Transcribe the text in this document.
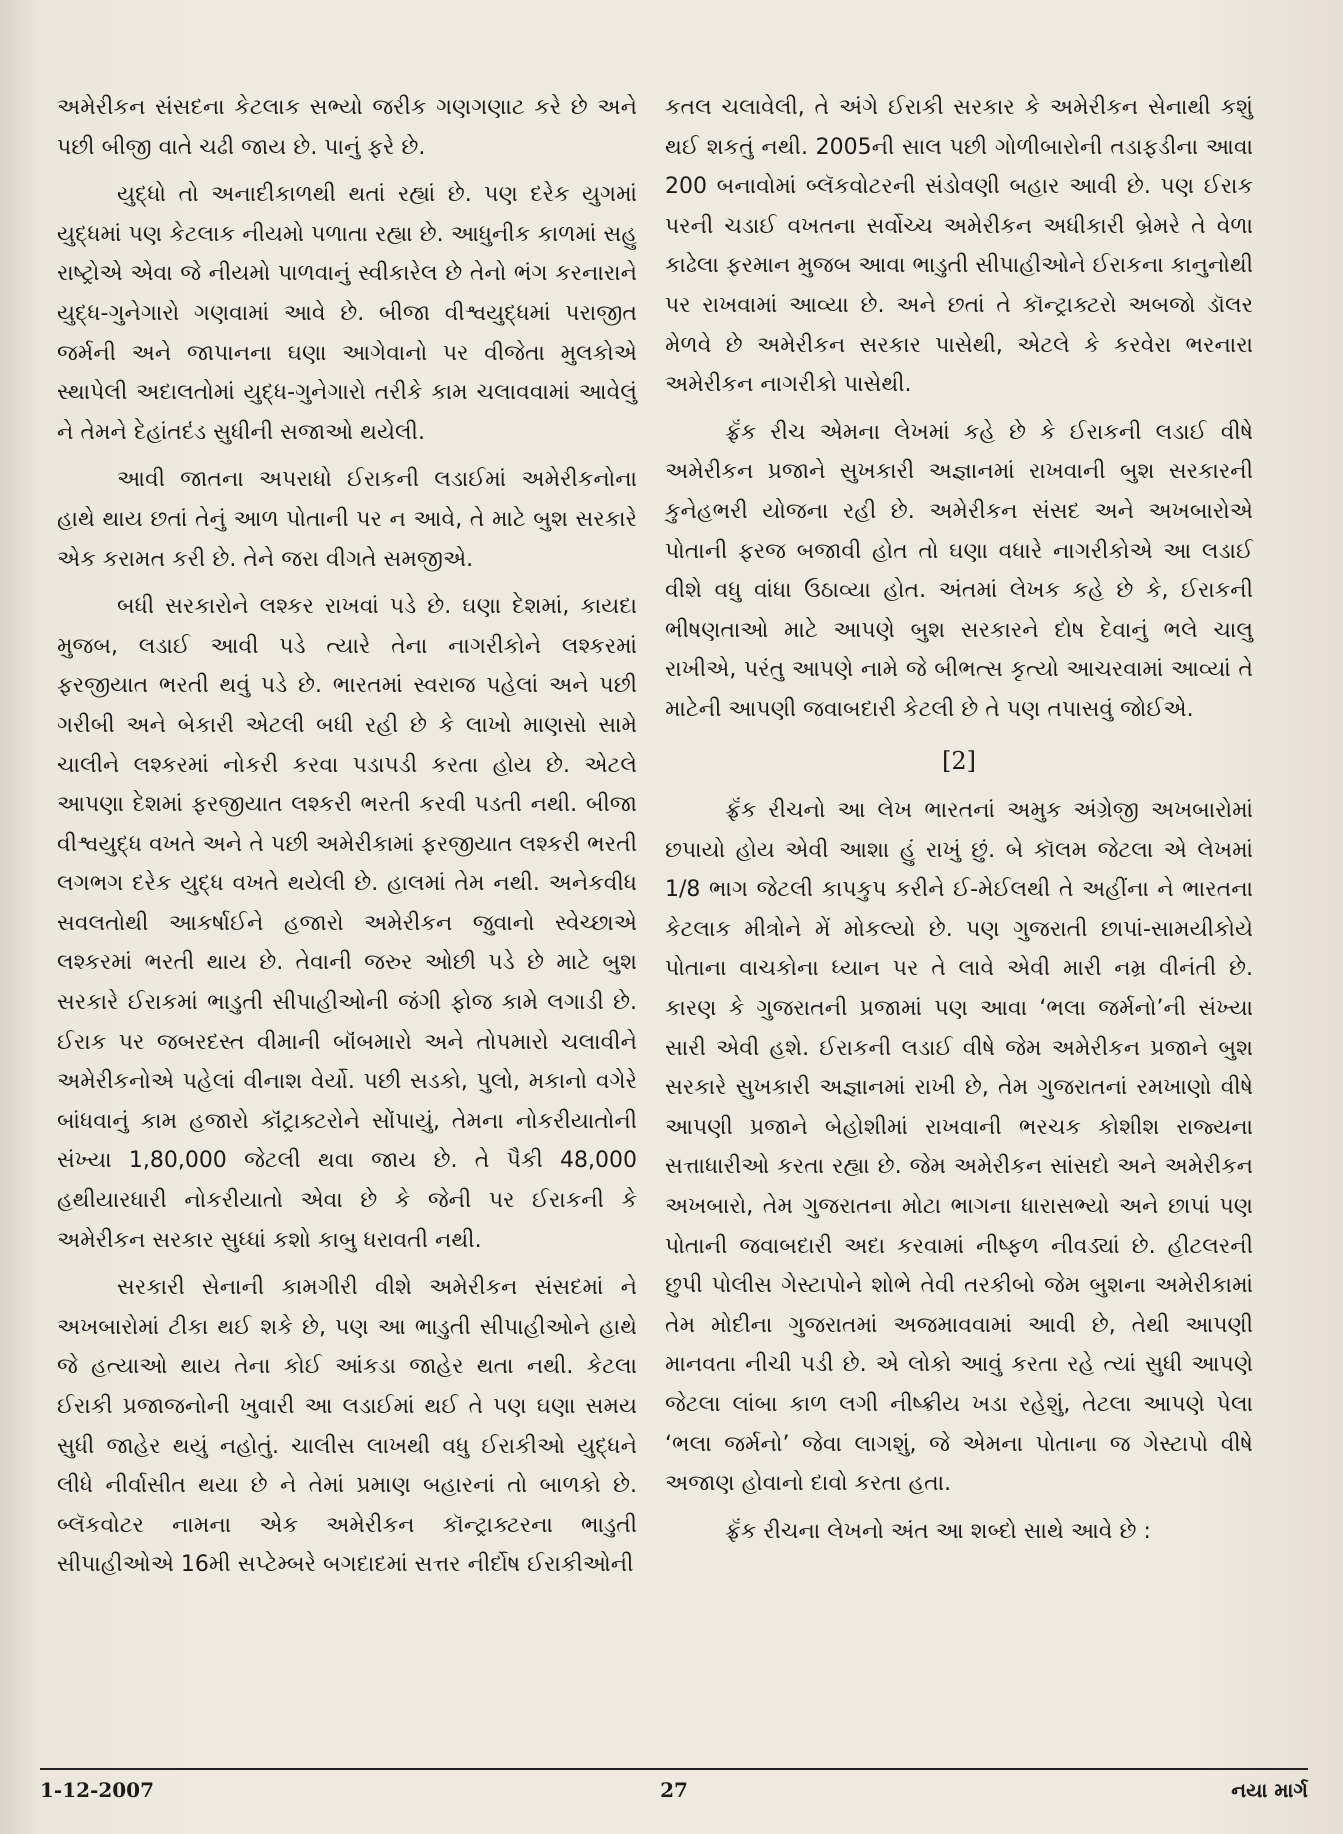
અમેરીકન સંસદના કેટલાક સભ્યો જરીક ગણગણાટ કરે છે અને પછી બીજી વાતે ચઢી જાય છે. પાનું ફરે છે.

યુદ્ધો તો અનાદીકાળથી થતાં રહ્યાં છે. પણ દરેક યુગમાં યુદ્ધમાં પણ કેટલાક નીયમો પળાતા રહ્યા છે. આધુનીક કાળમાં સહુ રાષ્ટ્રોએ એવા જે નીયમો પાળવાનું સ્વીકારેલ છે તેનો ભંગ કરનારાને યુદ્ધ-ગુનેગારો ગણવામાં આવે છે. બીજા વીશ્વયુદ્ધમાં પરાજીત જર્મની અને જાપાનના ઘણા આગેવાનો પર વીજેતા મુલકોએ સ્થાપેલી અદાલતોમાં યુદ્ધ-ગુનેગારો તરીકે કામ ચલાવવામાં આવેલું ને તેમને દેહાંતદંડ સુધીની સજાઓ થયેલી.

આવી જાતના અપરાધો ઈરાકની લડાઈમાં અમેરીકનોના હાથે થાય છતાં તેનું આળ પોતાની પર ન આવે, તે માટે બુશ સરકારે એક કરામત કરી છે. તેને જરા વીગતે સમજીએ.

બધી સરકારોને લશ્કર રાખવાં પડે છે. ઘણા દેશમાં, કાયદા મુજબ, લડાઈ આવી પડે ત્યારે તેના નાગરીકોને લશ્કરમાં ફરજીયાત ભરતી થવું પડે છે. ભારતમાં સ્વરાજ પહેલાં અને પછી ગરીબી અને બેકારી એટલી બધી રહી છે કે લાખો માણસો સામે ચાલીને લશ્કરમાં નોકરી કરવા પડાપડી કરતા હોય છે. એટલે આપણા દેશમાં ફરજીયાત લશ્કરી ભરતી કરવી પડતી નથી. બીજા વીશ્વયુદ્ધ વખતે અને તે પછી અમેરીકામાં ફરજીયાત લશ્કરી ભરતી લગભગ દરેક યુદ્ધ વખતે થયેલી છે. હાલમાં તેમ નથી. અનેકવીધ સવલતોથી આકર્ષાઈને હજારો અમેરીકન જુવાનો સ્વેચ્છાએ લશ્કરમાં ભરતી થાય છે. તેવાની જરુર ઓછી પડે છે માટે બુશ સરકારે ઈરાકમાં ભાડુતી સીપાહીઓની જંગી ફોજ કામે લગાડી છે. ઈરાક પર જબરદસ્ત વીમાની બૉંબમારો અને તોપમારો ચલાવીને અમેરીકનોએ પહેલાં વીનાશ વેર્યો. પછી સડકો, પુલો, મકાનો વગેરે બાંધવાનું કામ હજારો કૉંટ્રાક્ટરોને સોંપાયું, તેમના નોકરીયાતોની સંખ્યા 1,80,000 જેટલી થવા જાય છે. તે પૈકી 48,000 હથીયારધારી નોકરીયાતો એવા છે કે જેની પર ઈરાકની કે અમેરીકન સરકાર સુધ્ધાં કશો કાબુ ધરાવતી નથી.

સરકારી સેનાની કામગીરી વીશે અમેરીકન સંસદમાં ને અખબારોમાં ટીકા થઈ શકે છે, પણ આ ભાડુતી સીપાહીઓને હાથે જે હત્યાઓ થાય તેના કોઈ આંકડા જાહેર થતા નથી. કેટલા ઈરાકી પ્રજાજનોની ખુવારી આ લડાઈમાં થઈ તે પણ ઘણા સમય સુધી જાહેર થયું નહોતું. ચાલીસ લાખથી વધુ ઈરાકીઓ યુદ્ધને લીધે નીર્વાસીત થયા છે ને તેમાં પ્રમાણ બહારનાં તો બાળકો છે. બ્લૅકવોટર નામના એક અમેરીકન કૉન્ટ્રાક્ટરના ભાડુતી સીપાહીઓએ 16મી સપ્ટેમ્બરે બગદાદમાં સત્તર નીર્દોષ ઈરાકીઓની

કતલ ચલાવેલી, તે અંગે ઈરાકી સરકાર કે અમેરીકન સેનાથી કશું થઈ શકતું નથી. 2005ની સાલ પછી ગોળીબારોની તડાફડીના આવા 200 બનાવોમાં બ્લૅકવોટરની સંડોવણી બહાર આવી છે. પણ ઈરાક પરની ચડાઈ વખતના સર્વોચ્ચ અમેરીકન અધીકારી બ્રેમરે તે વેળા કાઢેલા ફરમાન મુજબ આવા ભાડુતી સીપાહીઓને ઈરાકના કાનુનોથી પર રાખવામાં આવ્યા છે. અને છતાં તે કૉન્ટ્રાક્ટરો અબજો ડૉલર મેળવે છે અમેરીકન સરકાર પાસેથી, એટલે કે કરવેરા ભરનારા અમેરીકન નાગરીકો પાસેથી.

ફ્રૅંક રીચ એમના લેખમાં કહે છે કે ઈરાકની લડાઈ વીષે અમેરીકન પ્રજાને સુખકારી અજ્ઞાનમાં રાખવાની બુશ સરકારની કુનેહભરી યોજના રહી છે. અમેરીકન સંસદ અને અખબારોએ પોતાની ફરજ બજાવી હોત તો ઘણા વધારે નાગરીકોએ આ લડાઈ વીશે વધુ વાંધા ઉઠાવ્યા હોત. અંતમાં લેખક કહે છે કે, ઈરાકની ભીષણતાઓ માટે આપણે બુશ સરકારને દોષ દેવાનું ભલે ચાલુ રાખીએ, પરંતુ આપણે નામે જે બીભત્સ કૃત્યો આચરવામાં આવ્યાં તે માટેની આપણી જવાબદારી કેટલી છે તે પણ તપાસવું જોઈએ.

[2]

ફ્રૅંક રીચનો આ લેખ ભારતનાં અમુક અંગ્રેજી અખબારોમાં છપાયો હોય એવી આશા હું રાખું છું. બે કૉલમ જેટલા એ લેખમાં 1/8 ભાગ જેટલી કાપકુપ કરીને ઈ-મેઈલથી તે અહીંના ને ભારતના કેટલાક મીત્રોને મેં મોકલ્યો છે. પણ ગુજરાતી છાપાં-સામયીકોયે પોતાના વાચકોના ધ્યાન પર તે લાવે એવી મારી નમ્ર વીનંતી છે. કારણ કે ગુજરાતની પ્રજામાં પણ આવા ‘ભલા જર્મનો’ની સંખ્યા સારી એવી હશે. ઈરાકની લડાઈ વીષે જેમ અમેરીકન પ્રજાને બુશ સરકારે સુખકારી અજ્ઞાનમાં રાખી છે, તેમ ગુજરાતનાં રમખાણો વીષે આપણી પ્રજાને બેહોશીમાં રાખવાની ભરચક કોશીશ રાજ્યના સત્તાધારીઓ કરતા રહ્યા છે. જેમ અમેરીકન સાંસદો અને અમેરીકન અખબારો, તેમ ગુજરાતના મોટા ભાગના ધારાસભ્યો અને છાપાં પણ પોતાની જવાબદારી અદા કરવામાં નીષ્ફળ નીવડ્યાં છે. હીટલરની છુપી પોલીસ ગેસ્ટાપોને શોભે તેવી તરકીબો જેમ બુશના અમેરીકામાં તેમ મોદીના ગુજરાતમાં અજમાવવામાં આવી છે, તેથી આપણી માનવતા નીચી પડી છે. એ લોકો આવું કરતા રહે ત્યાં સુધી આપણે જેટલા લાંબા કાળ લગી નીષ્ક્રીય ખડા રહેશું, તેટલા આપણે પેલા ‘ભલા જર્મનો’ જેવા લાગશું, જે એમના પોતાના જ ગેસ્ટાપો વીષે અજાણ હોવાનો દાવો કરતા હતા.

ફ્રૅંક રીચના લેખનો અંત આ શબ્દો સાથે આવે છે :

1-12-2007	27	નયા માર્ગ
